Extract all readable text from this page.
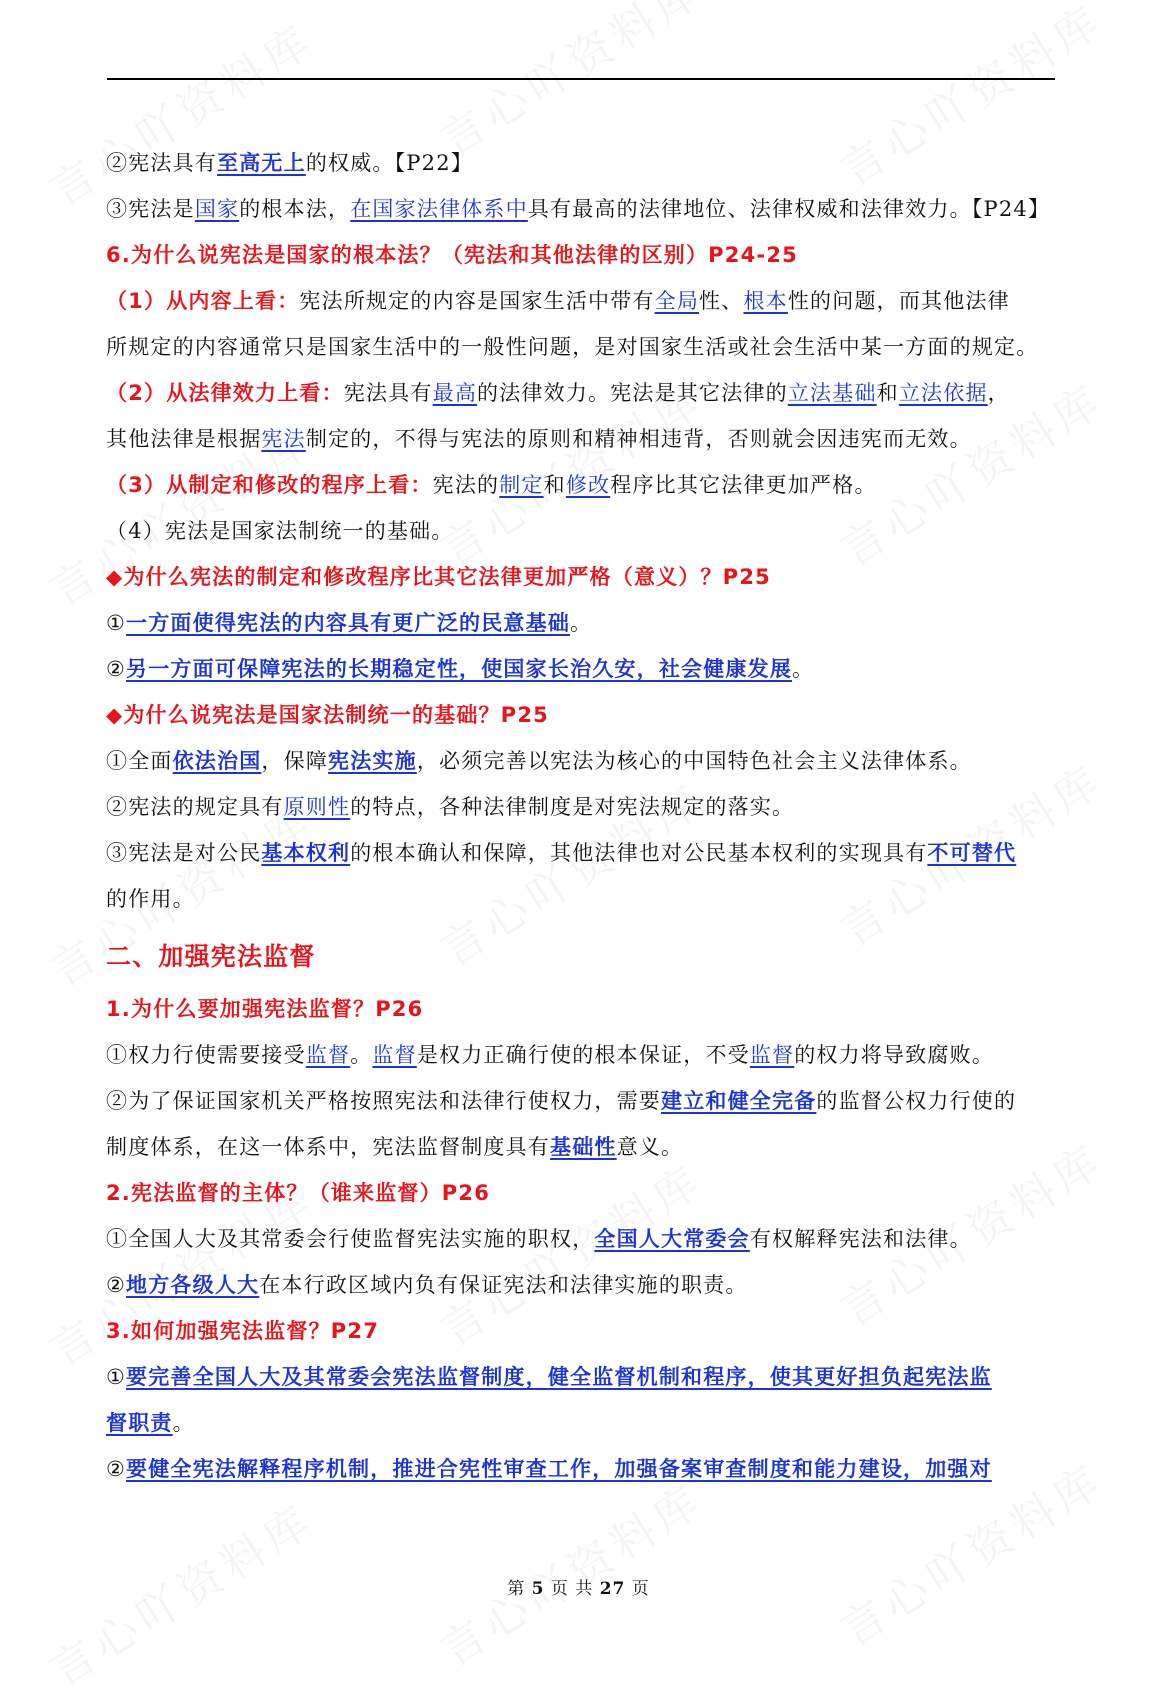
②宪法具有至高无上的权威。【P22】
③宪法是国家的根本法，在国家法律体系中具有最高的法律地位、法律权威和法律效力。【P24】
6.为什么说宪法是国家的根本法？（宪法和其他法律的区别）P24-25
（1）从内容上看：宪法所规定的内容是国家生活中带有全局性、根本性的问题，而其他法律
所规定的内容通常只是国家生活中的一般性问题，是对国家生活或社会生活中某一方面的规定。
（2）从法律效力上看：宪法具有最高的法律效力。宪法是其它法律的立法基础和立法依据，
其他法律是根据宪法制定的，不得与宪法的原则和精神相违背，否则就会因违宪而无效。
（3）从制定和修改的程序上看：宪法的制定和修改程序比其它法律更加严格。
（4）宪法是国家法制统一的基础。
◆为什么宪法的制定和修改程序比其它法律更加严格（意义）？P25
①一方面使得宪法的内容具有更广泛的民意基础。
②另一方面可保障宪法的长期稳定性，使国家长治久安，社会健康发展。
◆为什么说宪法是国家法制统一的基础？P25
①全面依法治国，保障宪法实施，必须完善以宪法为核心的中国特色社会主义法律体系。
②宪法的规定具有原则性的特点，各种法律制度是对宪法规定的落实。
③宪法是对公民基本权利的根本确认和保障，其他法律也对公民基本权利的实现具有不可替代
的作用。
二、加强宪法监督
1.为什么要加强宪法监督？P26
①权力行使需要接受监督。监督是权力正确行使的根本保证，不受监督的权力将导致腐败。
②为了保证国家机关严格按照宪法和法律行使权力，需要建立和健全完备的监督公权力行使的
制度体系，在这一体系中，宪法监督制度具有基础性意义。
2.宪法监督的主体？（谁来监督）P26
①全国人大及其常委会行使监督宪法实施的职权，全国人大常委会有权解释宪法和法律。
②地方各级人大在本行政区域内负有保证宪法和法律实施的职责。
3.如何加强宪法监督？P27
①要完善全国人大及其常委会宪法监督制度，健全监督机制和程序，使其更好担负起宪法监
督职责。
②要健全宪法解释程序机制，推进合宪性审查工作，加强备案审查制度和能力建设，加强对
第 5 页 共 27 页
